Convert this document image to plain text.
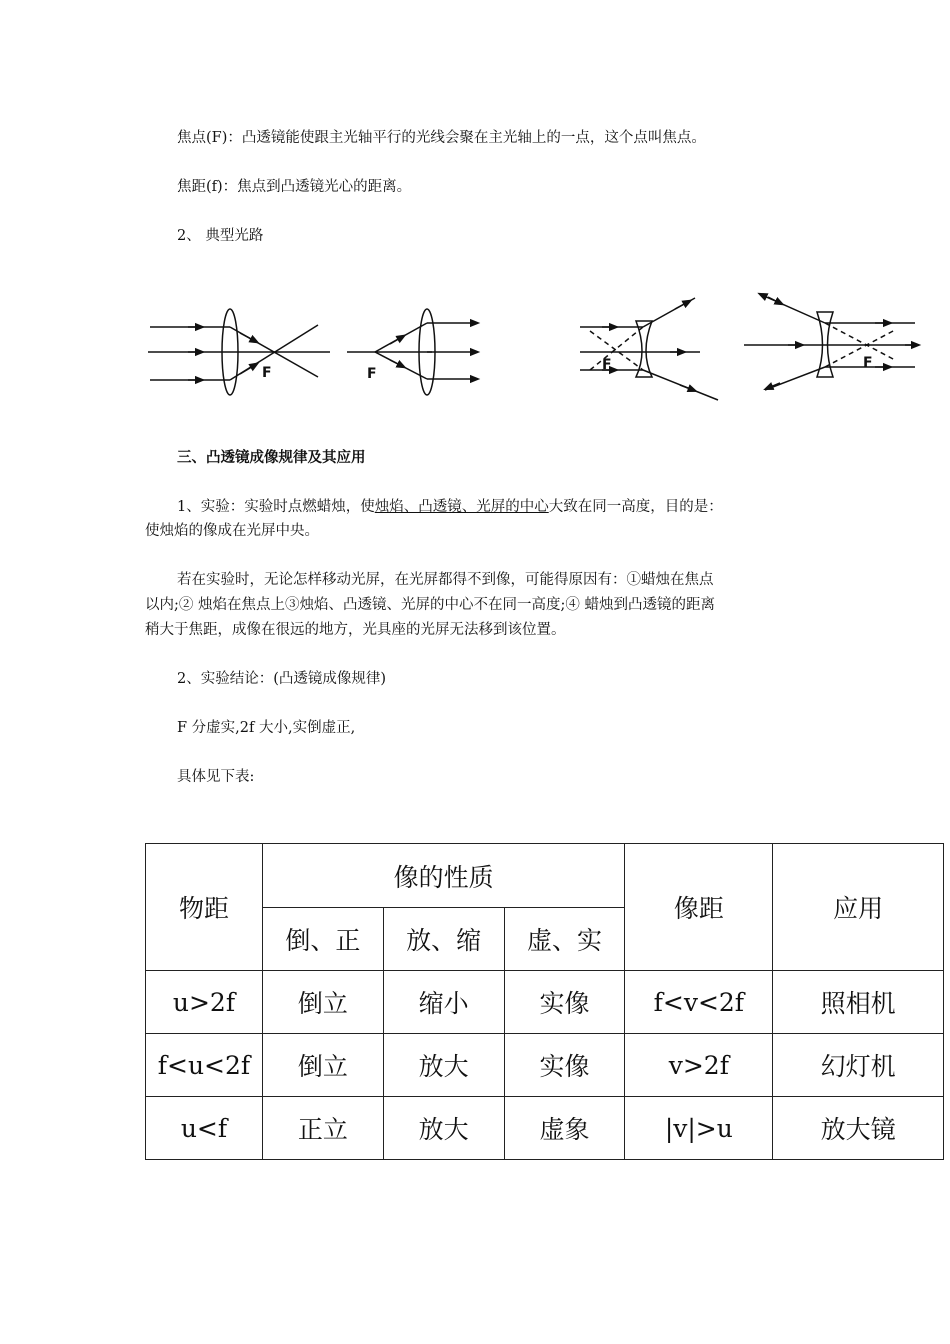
焦点(F)：凸透镜能使跟主光轴平行的光线会聚在主光轴上的一点，这个点叫焦点。
焦距(f)：焦点到凸透镜光心的距离。
2、 典型光路
F	F
F	F
三、凸透镜成像规律及其应用
1、实验：实验时点燃蜡烛，使烛焰、凸透镜、光屏的中心大致在同一高度，目的是：
使烛焰的像成在光屏中央。
若在实验时，无论怎样移动光屏，在光屏都得不到像，可能得原因有：①蜡烛在焦点
以内;② 烛焰在焦点上③烛焰、凸透镜、光屏的中心不在同一高度;④ 蜡烛到凸透镜的距离
稍大于焦距，成像在很远的地方，光具座的光屏无法移到该位置。
2、实验结论：(凸透镜成像规律)
F 分虚实,2f 大小,实倒虚正,
具体见下表:
物距	像的性质			像距	应用
	倒、正	放、缩	虚、实		
u>2f	倒立	缩小	实像	f<v<2f	照相机
f<u<2f	倒立	放大	实像	v>2f	幻灯机
u<f	正立	放大	虚象	|v|>u	放大镜
